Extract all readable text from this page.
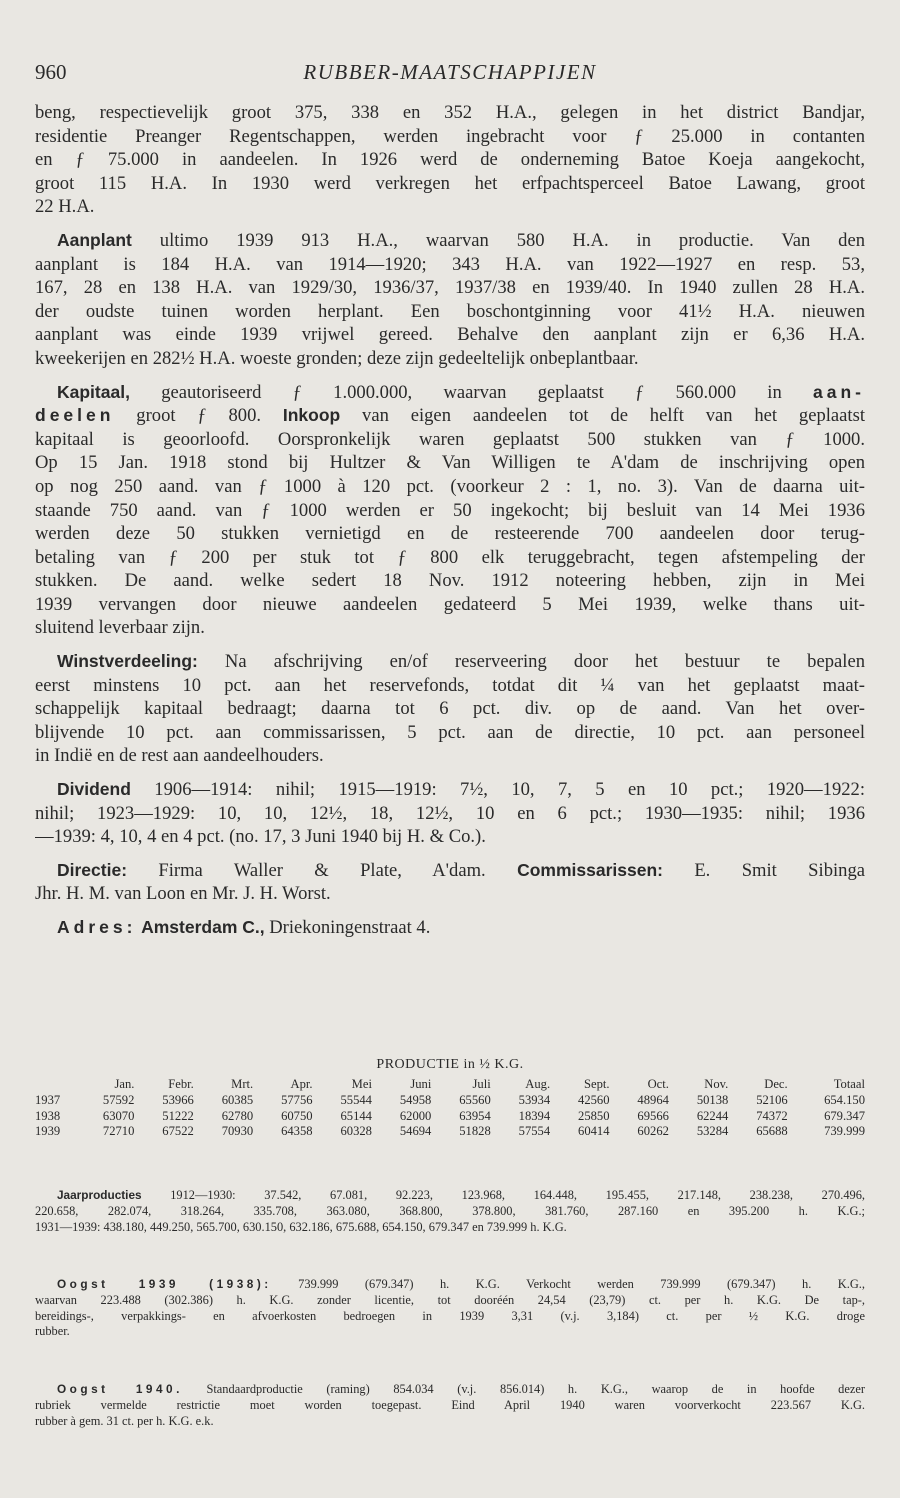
960	RUBBER-MAATSCHAPPIJEN
beng, respectievelijk groot 375, 338 en 352 H.A., gelegen in het district Bandjar,
residentie Preanger Regentschappen, werden ingebracht voor ƒ 25.000 in contanten
en ƒ 75.000 in aandeelen. In 1926 werd de onderneming Batoe Koeja aangekocht,
groot 115 H.A. In 1930 werd verkregen het erfpachtsperceel Batoe Lawang, groot
22 H.A.
Aanplant ultimo 1939 913 H.A., waarvan 580 H.A. in productie. Van den
aanplant is 184 H.A. van 1914—1920; 343 H.A. van 1922—1927 en resp. 53,
167, 28 en 138 H.A. van 1929/30, 1936/37, 1937/38 en 1939/40. In 1940 zullen 28 H.A.
der oudste tuinen worden herplant. Een boschontginning voor 41½ H.A. nieuwen
aanplant was einde 1939 vrijwel gereed. Behalve den aanplant zijn er 6,36 H.A.
kweekerijen en 282½ H.A. woeste gronden; deze zijn gedeeltelijk onbeplantbaar.
Kapitaal, geautoriseerd ƒ 1.000.000, waarvan geplaatst ƒ 560.000 in aan-
deelen groot ƒ 800. Inkoop van eigen aandeelen tot de helft van het geplaatst
kapitaal is geoorloofd. Oorspronkelijk waren geplaatst 500 stukken van ƒ 1000.
Op 15 Jan. 1918 stond bij Hultzer & Van Willigen te A'dam de inschrijving open
op nog 250 aand. van ƒ 1000 à 120 pct. (voorkeur 2 : 1, no. 3). Van de daarna uit-
staande 750 aand. van ƒ 1000 werden er 50 ingekocht; bij besluit van 14 Mei 1936
werden deze 50 stukken vernietigd en de resteerende 700 aandeelen door terug-
betaling van ƒ 200 per stuk tot ƒ 800 elk teruggebracht, tegen afstempeling der
stukken. De aand. welke sedert 18 Nov. 1912 noteering hebben, zijn in Mei
1939 vervangen door nieuwe aandeelen gedateerd 5 Mei 1939, welke thans uit-
sluitend leverbaar zijn.
Winstverdeeling: Na afschrijving en/of reserveering door het bestuur te bepalen
eerst minstens 10 pct. aan het reservefonds, totdat dit ¼ van het geplaatst maat-
schappelijk kapitaal bedraagt; daarna tot 6 pct. div. op de aand. Van het over-
blijvende 10 pct. aan commissarissen, 5 pct. aan de directie, 10 pct. aan personeel
in Indië en de rest aan aandeelhouders.
Dividend 1906—1914: nihil; 1915—1919: 7½, 10, 7, 5 en 10 pct.; 1920—1922:
nihil; 1923—1929: 10, 10, 12½, 18, 12½, 10 en 6 pct.; 1930—1935: nihil; 1936
—1939: 4, 10, 4 en 4 pct. (no. 17, 3 Juni 1940 bij H. & Co.).
Directie: Firma Waller & Plate, A'dam. Commissarissen: E. Smit Sibinga
Jhr. H. M. van Loon en Mr. J. H. Worst.
Adres: Amsterdam C., Driekoningenstraat 4.
PRODUCTIE in ½ K.G.
	Jan.	Febr.	Mrt.	Apr.	Mei	Juni	Juli	Aug.	Sept.	Oct.	Nov.	Dec.	Totaal
1937	57592	53966	60385	57756	55544	54958	65560	53934	42560	48964	50138	52106	654.150
1938	63070	51222	62780	60750	65144	62000	63954	18394	25850	69566	62244	74372	679.347
1939	72710	67522	70930	64358	60328	54694	51828	57554	60414	60262	53284	65688	739.999
Jaarproducties 1912—1930: 37.542, 67.081, 92.223, 123.968, 164.448, 195.455, 217.148, 238.238, 270.496,
220.658, 282.074, 318.264, 335.708, 363.080, 368.800, 378.800, 381.760, 287.160 en 395.200 h. K.G.;
1931—1939: 438.180, 449.250, 565.700, 630.150, 632.186, 675.688, 654.150, 679.347 en 739.999 h. K.G.
Oogst 1939 (1938): 739.999 (679.347) h. K.G. Verkocht werden 739.999 (679.347) h. K.G.,
waarvan 223.488 (302.386) h. K.G. zonder licentie, tot dooréén 24,54 (23,79) ct. per h. K.G. De tap-,
bereidings-, verpakkings- en afvoerkosten bedroegen in 1939 3,31 (v.j. 3,184) ct. per ½ K.G. droge
rubber.
Oogst 1940. Standaardproductie (raming) 854.034 (v.j. 856.014) h. K.G., waarop de in hoofde dezer
rubriek vermelde restrictie moet worden toegepast. Eind April 1940 waren voorverkocht 223.567 K.G.
rubber à gem. 31 ct. per h. K.G. e.k.
